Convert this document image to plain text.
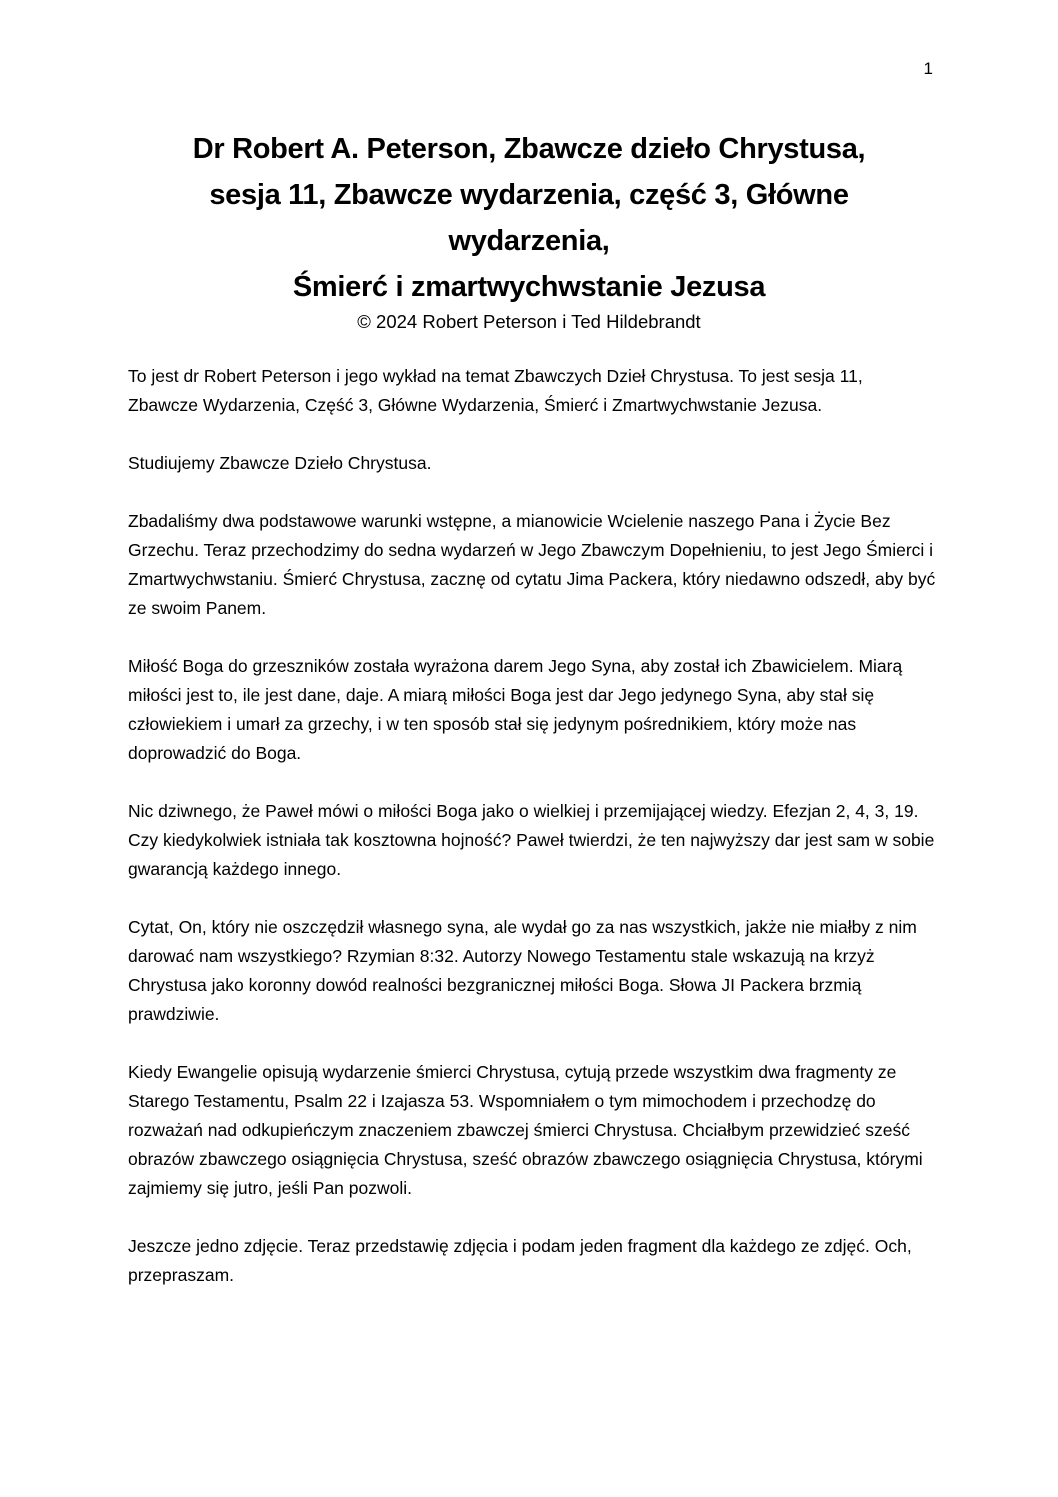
1
Dr Robert A. Peterson, Zbawcze dzieło Chrystusa,
sesja 11, Zbawcze wydarzenia, część 3, Główne
wydarzenia,
Śmierć i zmartwychwstanie Jezusa
© 2024 Robert Peterson i Ted Hildebrandt

To jest dr Robert Peterson i jego wykład na temat Zbawczych Dzieł Chrystusa. To jest sesja 11, Zbawcze Wydarzenia, Część 3, Główne Wydarzenia, Śmierć i Zmartwychwstanie Jezusa.

Studiujemy Zbawcze Dzieło Chrystusa.

Zbadaliśmy dwa podstawowe warunki wstępne, a mianowicie Wcielenie naszego Pana i Życie Bez Grzechu. Teraz przechodzimy do sedna wydarzeń w Jego Zbawczym Dopełnieniu, to jest Jego Śmierci i Zmartwychwstaniu. Śmierć Chrystusa, zacznę od cytatu Jima Packera, który niedawno odszedł, aby być ze swoim Panem.

Miłość Boga do grzeszników została wyrażona darem Jego Syna, aby został ich Zbawicielem. Miarą miłości jest to, ile jest dane, daje. A miarą miłości Boga jest dar Jego jedynego Syna, aby stał się człowiekiem i umarł za grzechy, i w ten sposób stał się jedynym pośrednikiem, który może nas doprowadzić do Boga.

Nic dziwnego, że Paweł mówi o miłości Boga jako o wielkiej i przemijającej wiedzy. Efezjan 2, 4, 3, 19. Czy kiedykolwiek istniała tak kosztowna hojność? Paweł twierdzi, że ten najwyższy dar jest sam w sobie gwarancją każdego innego.

Cytat, On, który nie oszczędził własnego syna, ale wydał go za nas wszystkich, jakże nie miałby z nim darować nam wszystkiego? Rzymian 8:32. Autorzy Nowego Testamentu stale wskazują na krzyż Chrystusa jako koronny dowód realności bezgranicznej miłości Boga. Słowa JI Packera brzmią prawdziwie.

Kiedy Ewangelie opisują wydarzenie śmierci Chrystusa, cytują przede wszystkim dwa fragmenty ze Starego Testamentu, Psalm 22 i Izajasza 53. Wspomniałem o tym mimochodem i przechodzę do rozważań nad odkupieńczym znaczeniem zbawczej śmierci Chrystusa. Chciałbym przewidzieć sześć obrazów zbawczego osiągnięcia Chrystusa, sześć obrazów zbawczego osiągnięcia Chrystusa, którymi zajmiemy się jutro, jeśli Pan pozwoli.

Jeszcze jedno zdjęcie. Teraz przedstawię zdjęcia i podam jeden fragment dla każdego ze zdjęć. Och, przepraszam.
